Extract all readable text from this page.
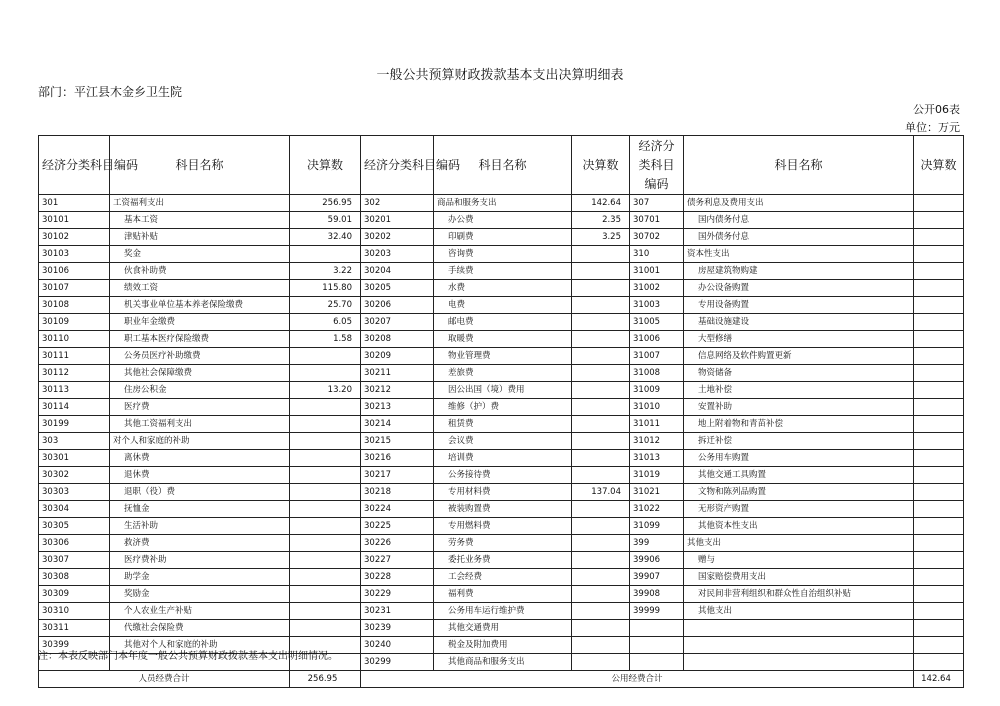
一般公共预算财政拨款基本支出决算明细表
部门：平江县木金乡卫生院
公开06表
单位：万元
经济分类科目编码	科目名称	决算数	经济分类科目编码	科目名称	决算数	经济分类科目编码	科目名称	决算数
301	工资福利支出	256.95	302	商品和服务支出	142.64	307	债务利息及费用支出	
30101	基本工资	59.01	30201	办公费	2.35	30701	国内债务付息	
30102	津贴补贴	32.40	30202	印刷费	3.25	30702	国外债务付息	
30103	奖金		30203	咨询费		310	资本性支出	
30106	伙食补助费	3.22	30204	手续费		31001	房屋建筑物购建	
30107	绩效工资	115.80	30205	水费		31002	办公设备购置	
30108	机关事业单位基本养老保险缴费	25.70	30206	电费		31003	专用设备购置	
30109	职业年金缴费	6.05	30207	邮电费		31005	基础设施建设	
30110	职工基本医疗保险缴费	1.58	30208	取暖费		31006	大型修缮	
30111	公务员医疗补助缴费		30209	物业管理费		31007	信息网络及软件购置更新	
30112	其他社会保障缴费		30211	差旅费		31008	物资储备	
30113	住房公积金	13.20	30212	因公出国（境）费用		31009	土地补偿	
30114	医疗费		30213	维修（护）费		31010	安置补助	
30199	其他工资福利支出		30214	租赁费		31011	地上附着物和青苗补偿	
303	对个人和家庭的补助		30215	会议费		31012	拆迁补偿	
30301	离休费		30216	培训费		31013	公务用车购置	
30302	退休费		30217	公务接待费		31019	其他交通工具购置	
30303	退职（役）费		30218	专用材料费	137.04	31021	文物和陈列品购置	
30304	抚恤金		30224	被装购置费		31022	无形资产购置	
30305	生活补助		30225	专用燃料费		31099	其他资本性支出	
30306	救济费		30226	劳务费		399	其他支出	
30307	医疗费补助		30227	委托业务费		39906	赠与	
30308	助学金		30228	工会经费		39907	国家赔偿费用支出	
30309	奖励金		30229	福利费		39908	对民间非营利组织和群众性自治组织补贴	
30310	个人农业生产补贴		30231	公务用车运行维护费		39999	其他支出	
30311	代缴社会保险费		30239	其他交通费用				
30399	其他对个人和家庭的补助		30240	税金及附加费用				
			30299	其他商品和服务支出				
人员经费合计		256.95	公用经费合计					142.64
注：本表反映部门本年度一般公共预算财政拨款基本支出明细情况。
